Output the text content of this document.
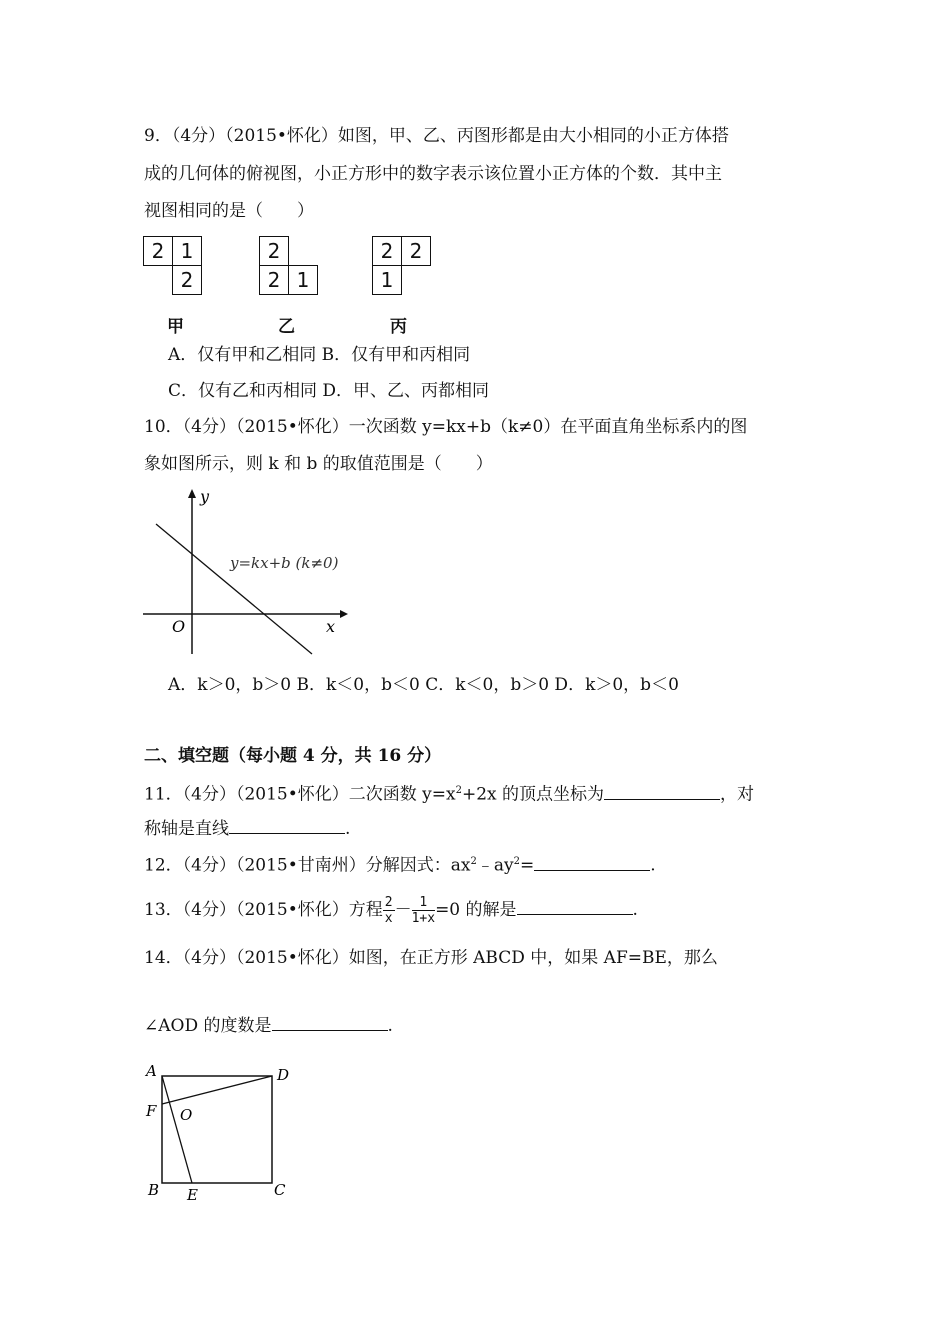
9．（4分）（2015•怀化）如图，甲、乙、丙图形都是由大小相同的小正方体搭
成的几何体的俯视图，小正方形中的数字表示该位置小正方体的个数．其中主
视图相同的是（　　）
2 1
2
甲
2
2 1
乙
2 2
1
丙
A．仅有甲和乙相同 B．仅有甲和丙相同
C．仅有乙和丙相同 D．甲、乙、丙都相同
10．（4分）（2015•怀化）一次函数 y=kx+b（k≠0）在平面直角坐标系内的图
象如图所示，则 k 和 b 的取值范围是（　　）
y
x
O
y=kx+b (k≠0)
A．k＞0，b＞0 B．k＜0，b＜0 C．k＜0，b＞0 D．k＞0，b＜0
二、填空题（每小题 4 分，共 16 分）
11．（4分）（2015•怀化）二次函数 $y=x^2+2x$ 的顶点坐标为	，对
称轴是直线	.
12．（4分）（2015•甘南州）分解因式：$ax^2﹣ay^2=$	.
13．（4分）（2015•怀化）方程 $\frac{2}{x} - \frac{1}{1+x} =0$ 的解是	.
14．（4分）（2015•怀化）如图，在正方形 ABCD 中，如果 AF=BE，那么
∠AOD 的度数是	.
A	D
F O
B E	C
